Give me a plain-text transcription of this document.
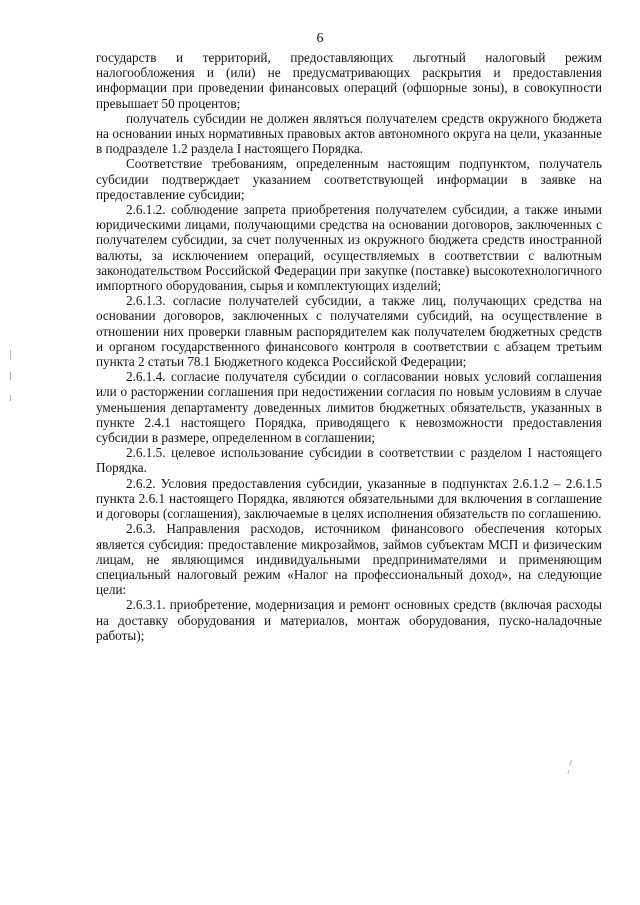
6

государств и территорий, предоставляющих льготный налоговый режим налогообложения и (или) не предусматривающих раскрытия и предоставления информации при проведении финансовых операций (офшорные зоны), в совокупности превышает 50 процентов;

получатель субсидии не должен являться получателем средств окружного бюджета на основании иных нормативных правовых актов автономного округа на цели, указанные в подразделе 1.2 раздела I настоящего Порядка.

Соответствие требованиям, определенным настоящим подпунктом, получатель субсидии подтверждает указанием соответствующей информации в заявке на предоставление субсидии;

2.6.1.2. соблюдение запрета приобретения получателем субсидии, а также иными юридическими лицами, получающими средства на основании договоров, заключенных с получателем субсидии, за счет полученных из окружного бюджета средств иностранной валюты, за исключением операций, осуществляемых в соответствии с валютным законодательством Российской Федерации при закупке (поставке) высокотехнологичного импортного оборудования, сырья и комплектующих изделий;

2.6.1.3. согласие получателей субсидии, а также лиц, получающих средства на основании договоров, заключенных с получателями субсидий, на осуществление в отношении них проверки главным распорядителем как получателем бюджетных средств и органом государственного финансового контроля в соответствии с абзацем третьим пункта 2 статьи 78.1 Бюджетного кодекса Российской Федерации;

2.6.1.4. согласие получателя субсидии о согласовании новых условий соглашения или о расторжении соглашения при недостижении согласия по новым условиям в случае уменьшения департаменту доведенных лимитов бюджетных обязательств, указанных в пункте 2.4.1 настоящего Порядка, приводящего к невозможности предоставления субсидии в размере, определенном в соглашении;

2.6.1.5. целевое использование субсидии в соответствии с разделом I настоящего Порядка.

2.6.2. Условия предоставления субсидии, указанные в подпунктах 2.6.1.2 – 2.6.1.5 пункта 2.6.1 настоящего Порядка, являются обязательными для включения в соглашение и договоры (соглашения), заключаемые в целях исполнения обязательств по соглашению.

2.6.3. Направления расходов, источником финансового обеспечения которых является субсидия: предоставление микрозаймов, займов субъектам МСП и физическим лицам, не являющимся индивидуальными предпринимателями и применяющим специальный налоговый режим «Налог на профессиональный доход», на следующие цели:

2.6.3.1. приобретение, модернизация и ремонт основных средств (включая расходы на доставку оборудования и материалов, монтаж оборудования, пуско-наладочные работы);
